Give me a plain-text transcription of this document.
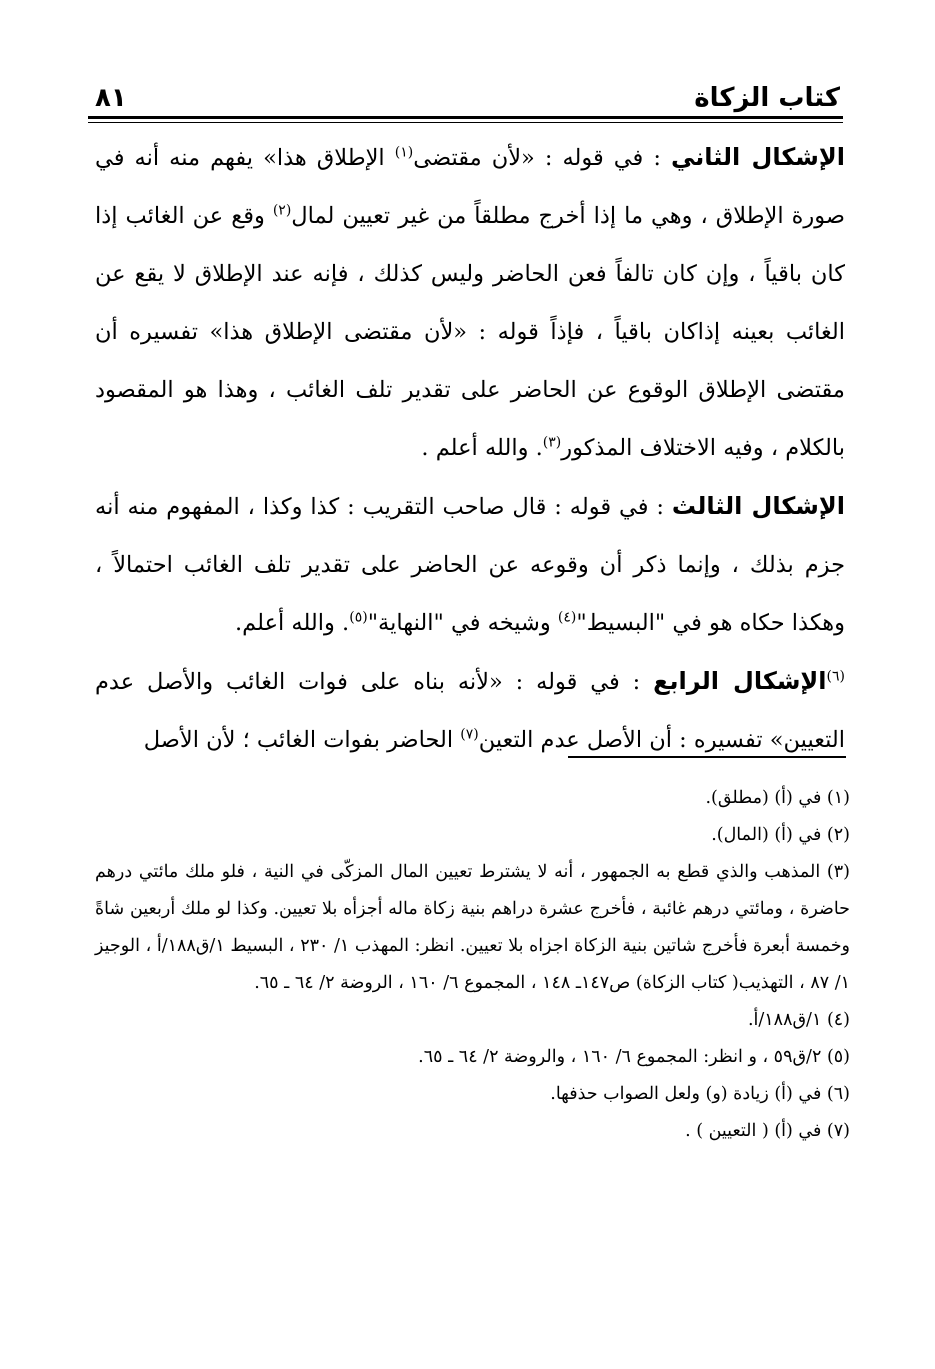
كتاب الزكاة
٨١

الإشكال الثاني : في قوله : «لأن مقتضى$^{(١)}$ الإطلاق هذا» يفهم منه أنه في صورة الإطلاق ، وهي ما إذا أخرج مطلقاً من غير تعيين لمال$^{(٢)}$ وقع عن الغائب إذا كان باقياً ، وإن كان تالفاً فعن الحاضر وليس كذلك ، فإنه عند الإطلاق لا يقع عن الغائب بعينه إذاكان باقياً ، فإذاً قوله : «لأن مقتضى الإطلاق هذا» تفسيره أن مقتضى الإطلاق الوقوع عن الحاضر على تقدير تلف الغائب ، وهذا هو المقصود بالكلام ، وفيه الاختلاف المذكور$^{(٣)}$. والله أعلم .

الإشكال الثالث : في قوله : قال صاحب التقريب : كذا وكذا ، المفهوم منه أنه جزم بذلك ، وإنما ذكر أن وقوعه عن الحاضر على تقدير تلف الغائب احتمالاً ، وهكذا حكاه هو في "البسيط"$^{(٤)}$ وشيخه في "النهاية"$^{(٥)}$. والله أعلم.

$^{(٦)}$الإشكال الرابع : في قوله : «لأنه بناه على فوات الغائب والأصل عدم التعيين» تفسيره : أن الأصل عدم التعين$^{(٧)}$ الحاضر بفوات الغائب ؛ لأن الأصل

(١) في (أ) (مطلق).

(٢) في (أ) (المال).

(٣) المذهب والذي قطع به الجمهور ، أنه لا يشترط تعيين المال المزكّى في النية ، فلو ملك مائتي درهم حاضرة ، ومائتي درهم غائبة ، فأخرج عشرة دراهم بنية زكاة ماله أجزأه بلا تعيين. وكذا لو ملك أربعين شاةً وخمسة أبعرة فأخرج شاتين بنية الزكاة اجزاه بلا تعيين. انظر: المهذب ١/ ٢٣٠ ، البسيط ١/ق١٨٨/أ ، الوجيز ١/ ٨٧ ، التهذيب( كتاب الزكاة) ص١٤٧ـ ١٤٨ ، المجموع ٦/ ١٦٠ ، الروضة ٢/ ٦٤ ـ ٦٥.

(٤) ١/ق١٨٨/أ.

(٥) ٢/ق٥٩ ، و انظر: المجموع ٦/ ١٦٠ ، والروضة ٢/ ٦٤ ـ ٦٥.

(٦) في (أ) زيادة (و) ولعل الصواب حذفها.

(٧) في (أ) ( التعيين ) .
